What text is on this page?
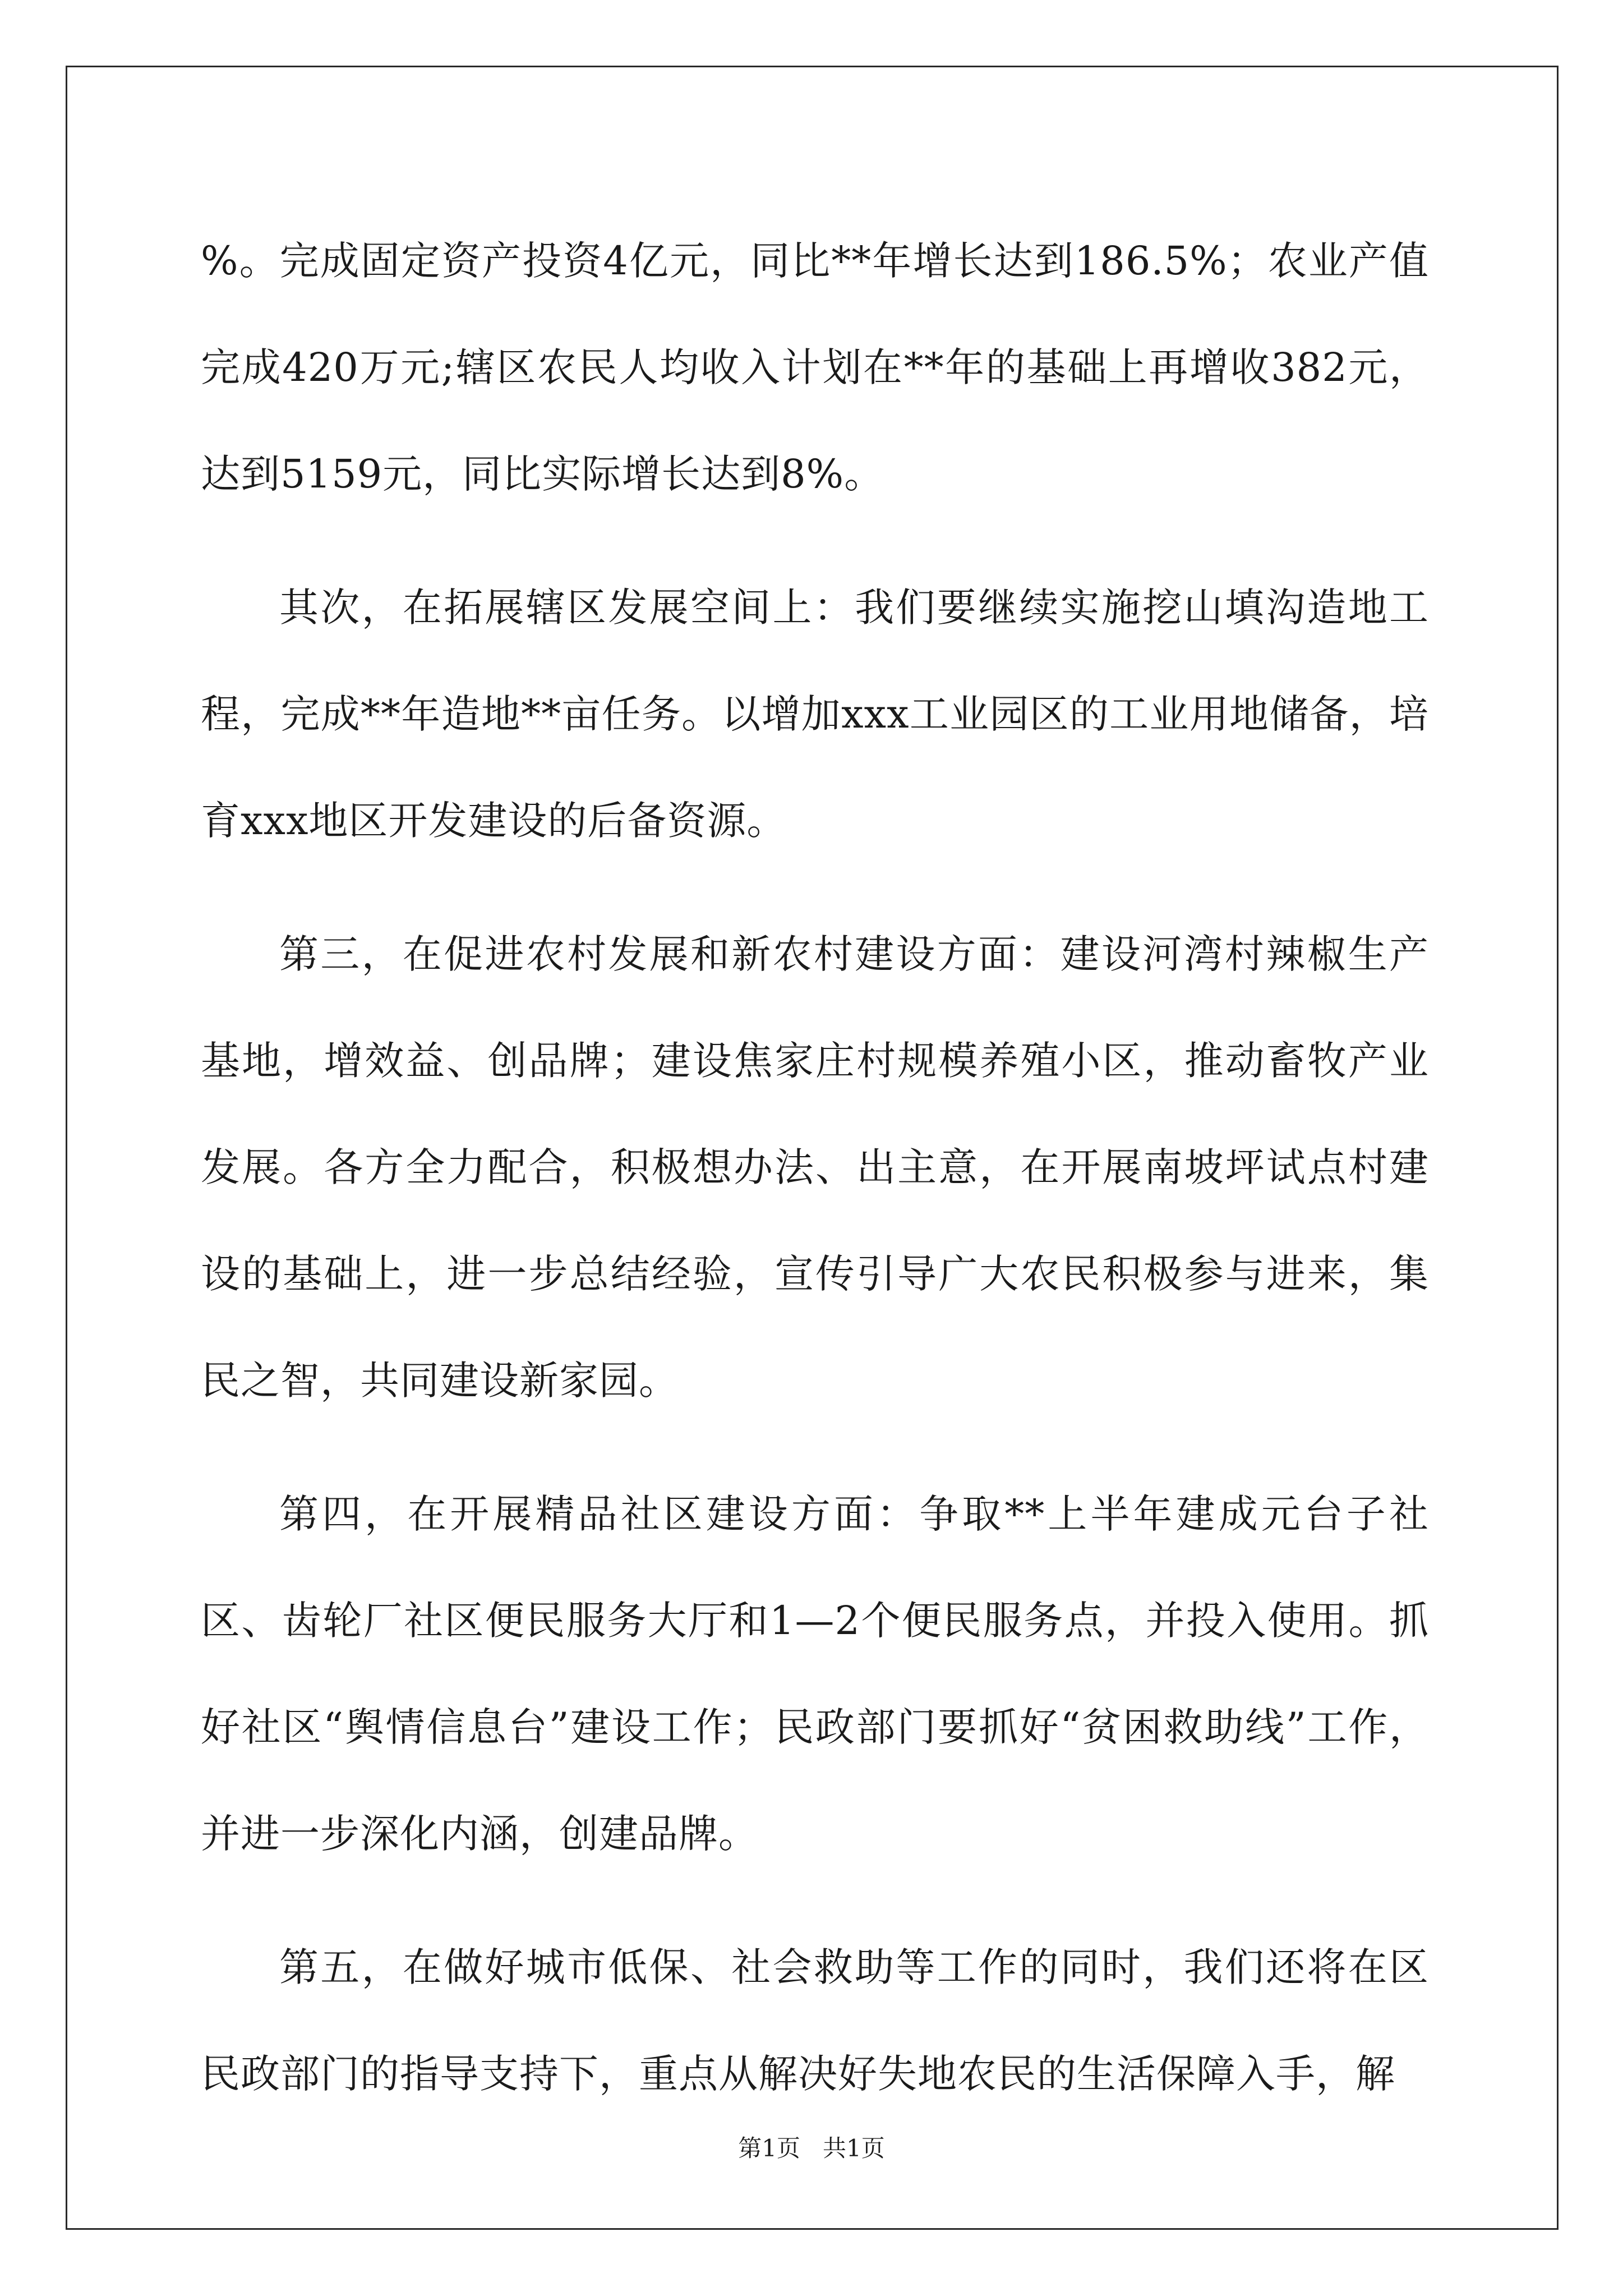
%。完成固定资产投资4亿元，同比**年增长达到186.5%；农业产值完成420万元;辖区农民人均收入计划在**年的基础上再增收382元，达到5159元，同比实际增长达到8%。

其次，在拓展辖区发展空间上：我们要继续实施挖山填沟造地工程，完成**年造地**亩任务。以增加xxx工业园区的工业用地储备，培育xxx地区开发建设的后备资源。

第三，在促进农村发展和新农村建设方面：建设河湾村辣椒生产基地，增效益、创品牌；建设焦家庄村规模养殖小区，推动畜牧产业发展。各方全力配合，积极想办法、出主意，在开展南坡坪试点村建设的基础上，进一步总结经验，宣传引导广大农民积极参与进来，集民之智，共同建设新家园。

第四，在开展精品社区建设方面：争取**上半年建成元台子社区、齿轮厂社区便民服务大厅和1—2个便民服务点，并投入使用。抓好社区“舆情信息台”建设工作；民政部门要抓好“贫困救助线”工作，并进一步深化内涵，创建品牌。

第五，在做好城市低保、社会救助等工作的同时，我们还将在区民政部门的指导支持下，重点从解决好失地农民的生活保障入手，解

第1页   共1页
